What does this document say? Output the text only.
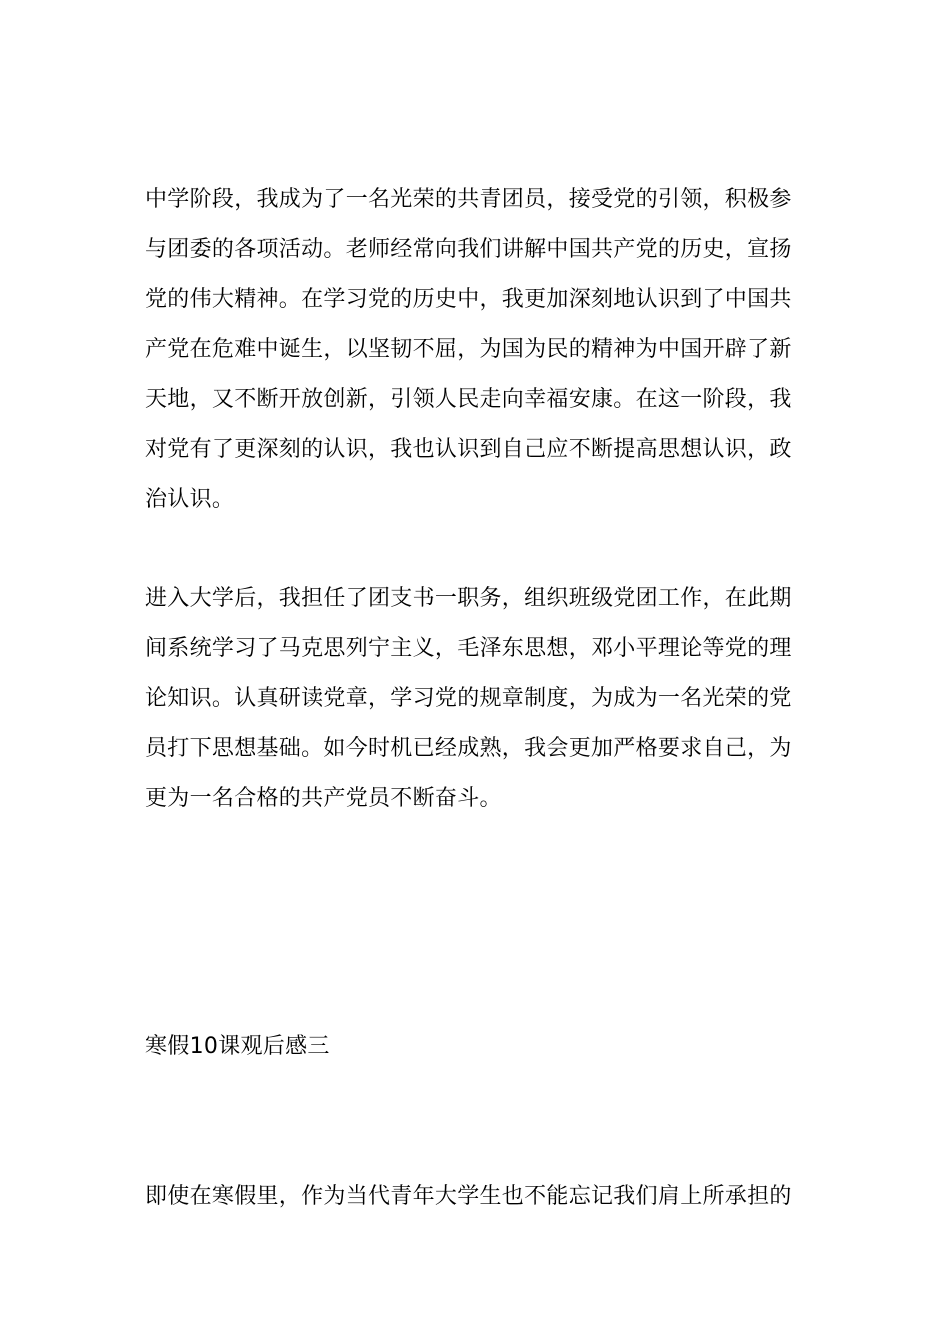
中学阶段，我成为了一名光荣的共青团员，接受党的引领，积极参
与团委的各项活动。老师经常向我们讲解中国共产党的历史，宣扬
党的伟大精神。在学习党的历史中，我更加深刻地认识到了中国共
产党在危难中诞生，以坚韧不屈，为国为民的精神为中国开辟了新
天地，又不断开放创新，引领人民走向幸福安康。在这一阶段，我
对党有了更深刻的认识，我也认识到自己应不断提高思想认识，政
治认识。
进入大学后，我担任了团支书一职务，组织班级党团工作，在此期
间系统学习了马克思列宁主义，毛泽东思想，邓小平理论等党的理
论知识。认真研读党章，学习党的规章制度，为成为一名光荣的党
员打下思想基础。如今时机已经成熟，我会更加严格要求自己，为
更为一名合格的共产党员不断奋斗。

寒假10课观后感三

即使在寒假里，作为当代青年大学生也不能忘记我们肩上所承担的
